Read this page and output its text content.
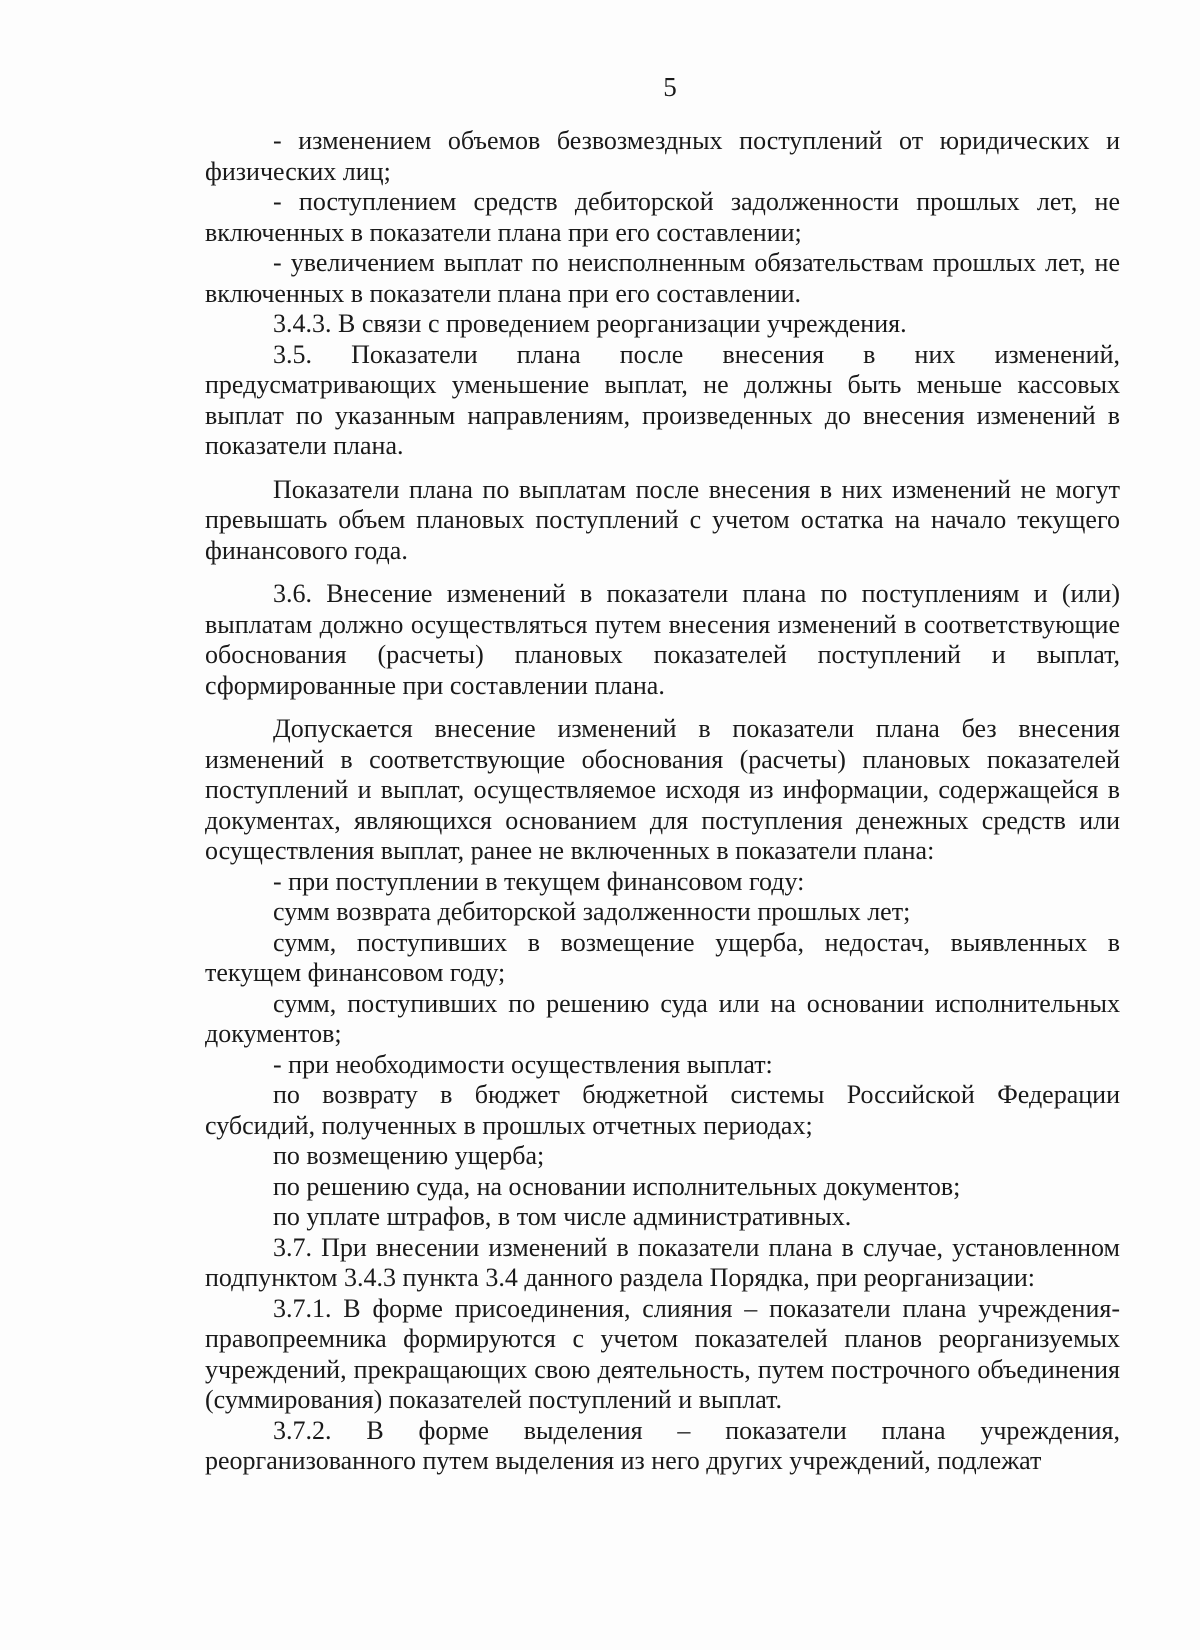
5

- изменением объемов безвозмездных поступлений от юридических и физических лиц;

- поступлением средств дебиторской задолженности прошлых лет, не включенных в показатели плана при его составлении;

- увеличением выплат по неисполненным обязательствам прошлых лет, не включенных в показатели плана при его составлении.

3.4.3. В связи с проведением реорганизации учреждения.

3.5. Показатели плана после внесения в них изменений, предусматривающих уменьшение выплат, не должны быть меньше кассовых выплат по указанным направлениям, произведенных до внесения изменений в показатели плана.

Показатели плана по выплатам после внесения в них изменений не могут превышать объем плановых поступлений с учетом остатка на начало текущего финансового года.

3.6. Внесение изменений в показатели плана по поступлениям и (или) выплатам должно осуществляться путем внесения изменений в соответствующие обоснования (расчеты) плановых показателей поступлений и выплат, сформированные при составлении плана.

Допускается внесение изменений в показатели плана без внесения изменений в соответствующие обоснования (расчеты) плановых показателей поступлений и выплат, осуществляемое исходя из информации, содержащейся в документах, являющихся основанием для поступления денежных средств или осуществления выплат, ранее не включенных в показатели плана:

- при поступлении в текущем финансовом году:

сумм возврата дебиторской задолженности прошлых лет;

сумм, поступивших в возмещение ущерба, недостач, выявленных в текущем финансовом году;

сумм, поступивших по решению суда или на основании исполнительных документов;

- при необходимости осуществления выплат:

по возврату в бюджет бюджетной системы Российской Федерации субсидий, полученных в прошлых отчетных периодах;

по возмещению ущерба;

по решению суда, на основании исполнительных документов;

по уплате штрафов, в том числе административных.

3.7. При внесении изменений в показатели плана в случае, установленном подпунктом 3.4.3 пункта 3.4 данного раздела Порядка, при реорганизации:

3.7.1. В форме присоединения, слияния – показатели плана учреждения-правопреемника формируются с учетом показателей планов реорганизуемых учреждений, прекращающих свою деятельность, путем построчного объединения (суммирования) показателей поступлений и выплат.

3.7.2. В форме выделения – показатели плана учреждения, реорганизованного путем выделения из него других учреждений, подлежат
